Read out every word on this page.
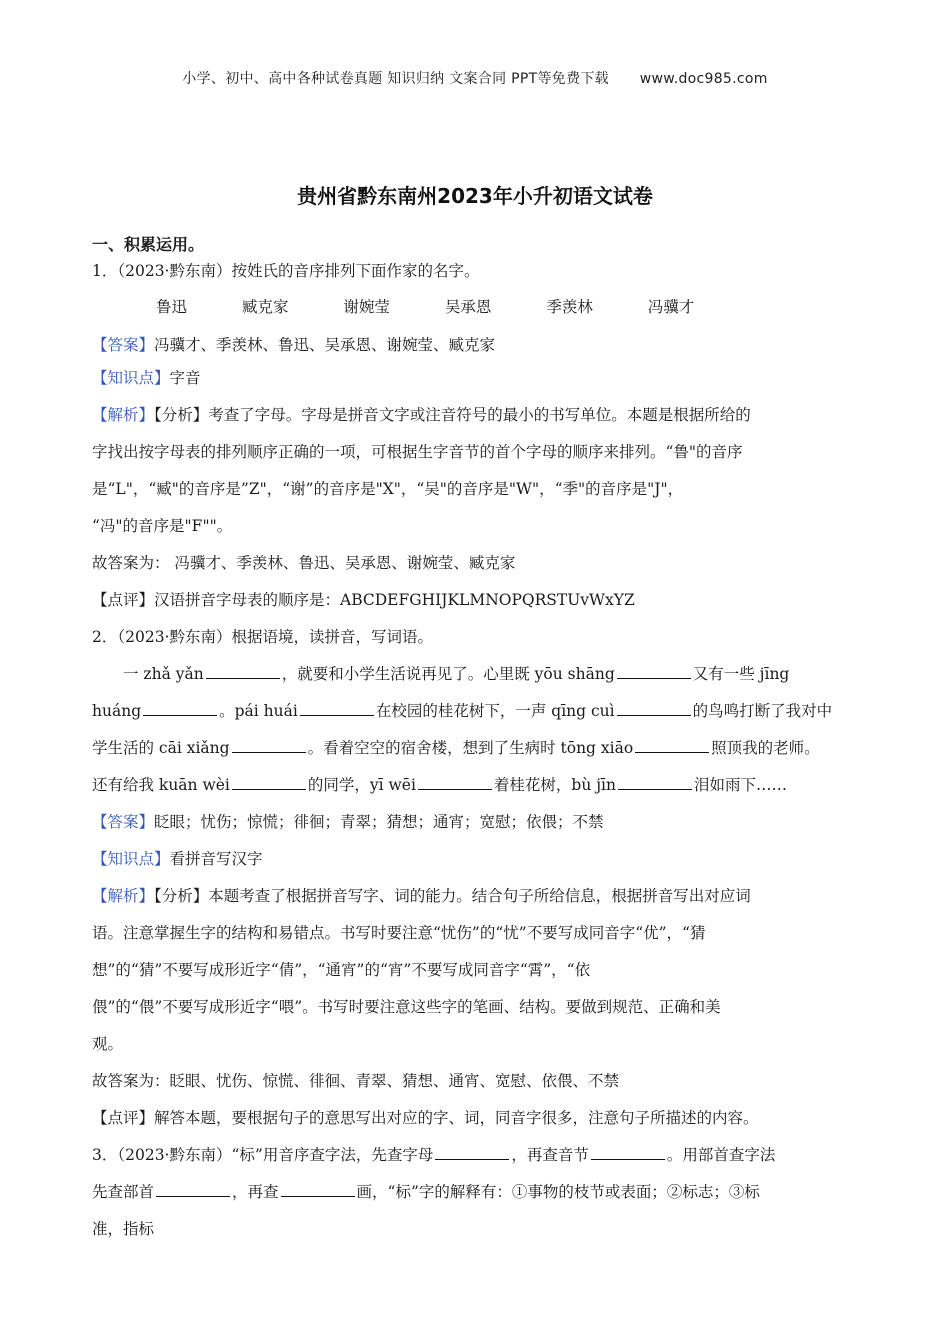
小学、初中、高中各种试卷真题 知识归纳 文案合同 PPT等免费下载 www.doc985.com
贵州省黔东南州2023年小升初语文试卷
一、积累运用。
1．（2023·黔东南）按姓氏的音序排列下面作家的名字。
鲁迅	臧克家	谢婉莹	吴承恩	季羡林	冯骥才
【答案】冯骥才、季羡林、鲁迅、吴承恩、谢婉莹、臧克家
【知识点】字音
【解析】【分析】考查了字母。字母是拼音文字或注音符号的最小的书写单位。本题是根据所给的
字找出按字母表的排列顺序正确的一项，可根据生字音节的首个字母的顺序来排列。“鲁"的音序
是“L"，“臧"的音序是”Z"，“谢”的音序是"X"，“吴"的音序是"W"，“季"的音序是"J"，
“冯"的音序是"F""。
故答案为： 冯骥才、季羡林、鲁迅、吴承恩、谢婉莹、臧克家
【点评】汉语拼音字母表的顺序是：ABCDEFGHIJKLMNOPQRSTUvWxYZ
2．（2023·黔东南）根据语境，读拼音，写词语。
一 zhǎ yǎn	，就要和小学生活说再见了。心里既 yōu shāng	又有一些 jīng
huáng	。pái huái	在校园的桂花树下，一声 qīng cuì	的鸟鸣打断了我对中
学生活的 cāi xiǎng	。看着空空的宿舍楼，想到了生病时 tōng xiāo	照顶我的老师。
还有给我 kuān wèi	的同学，yī wēi	着桂花树，bù jīn	泪如雨下……
【答案】眨眼；忧伤；惊慌；徘徊；青翠；猜想；通宵；宽慰；依偎；不禁
【知识点】看拼音写汉字
【解析】【分析】本题考查了根据拼音写字、词的能力。结合句子所给信息，根据拼音写出对应词
语。注意掌握生字的结构和易错点。书写时要注意“忧伤”的“忧”不要写成同音字“优”，“猜
想”的“猜”不要写成形近字“倩”，“通宵”的“宵”不要写成同音字“霄”，“依
偎”的“偎”不要写成形近字“喂”。书写时要注意这些字的笔画、结构。要做到规范、正确和美
观。
故答案为：眨眼、忧伤、惊慌、徘徊、青翠、猜想、通宵、宽慰、依偎、不禁
【点评】解答本题，要根据句子的意思写出对应的字、词，同音字很多，注意句子所描述的内容。
3．（2023·黔东南）“标”用音序查字法，先查字母	，再查音节	。用部首查字法
先查部首	，再查	画，“标”字的解释有：①事物的枝节或表面；②标志；③标
准，指标
